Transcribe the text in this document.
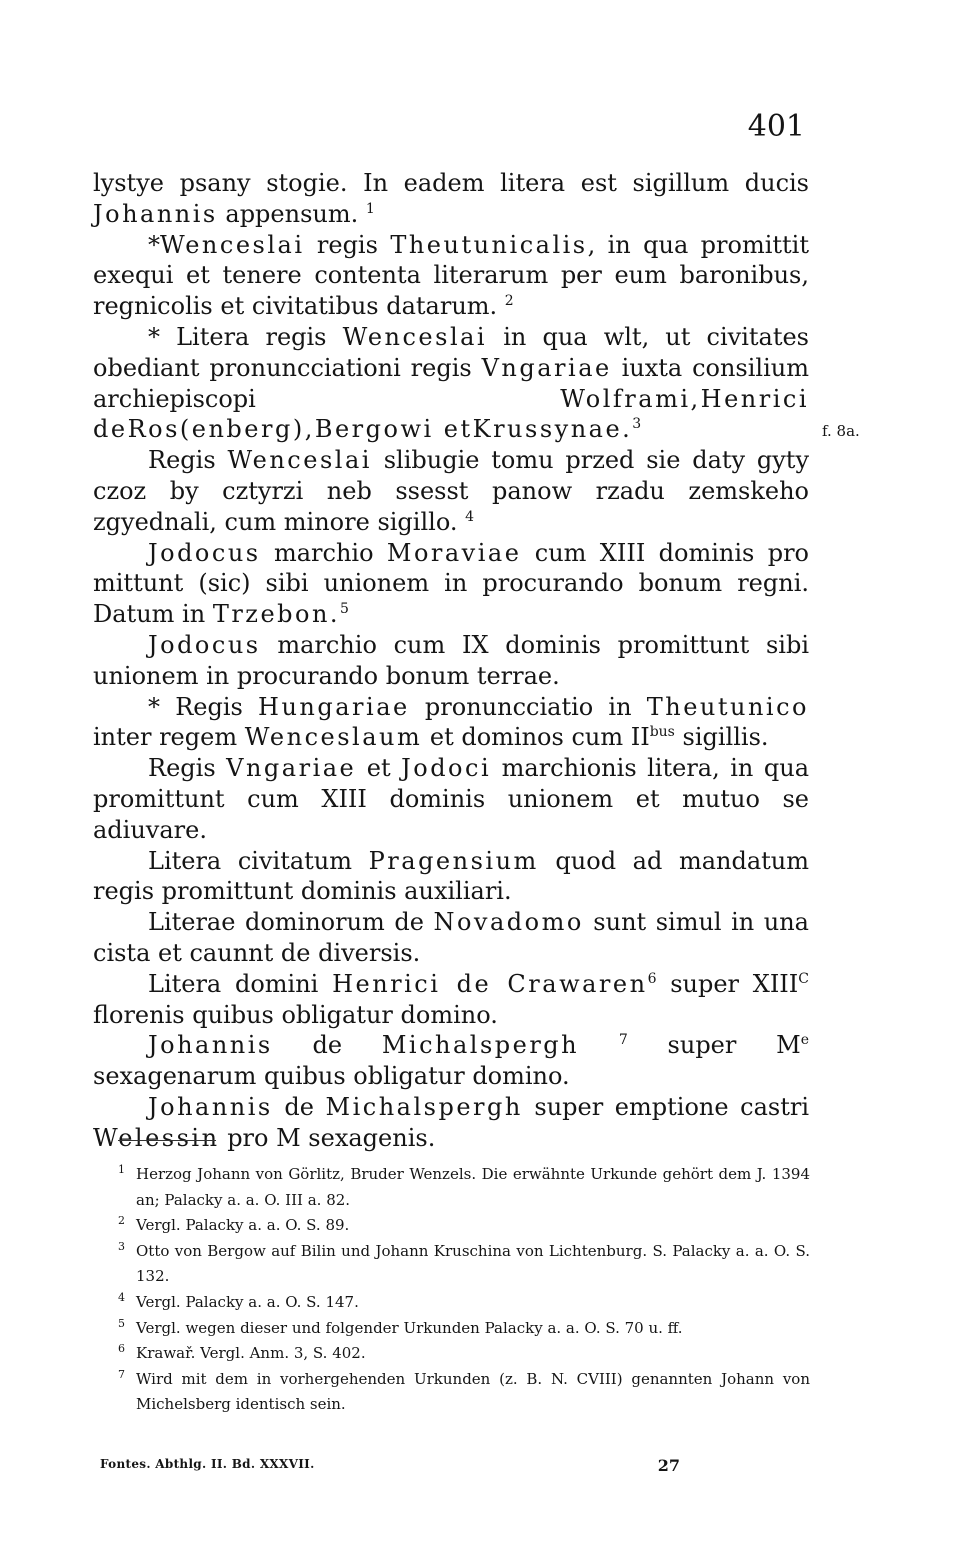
401

lystye psany stogie. In eadem litera est sigillum ducis Johannis appensum. $^1$

*Wenceslai regis Theutunicalis, in qua promittit exequi et tenere contenta literarum per eum baronibus, regnicolis et civitatibus datarum. $^2$

* Litera regis Wenceslai in qua wlt, ut civitates obediant pronuncciationi regis Vngariae iuxta consilium archiepiscopi Wolframi,Henrici deRos(enberg),Bergowi etKrussynae.$^3$

Regis Wenceslai slibugie tomu przed sie daty gyty czoz by cztyrzi neb ssesst panow rzadu zemskeho zgyednali, cum minore sigillo. $^4$

Jodocus marchio Moraviae cum XIII dominis pro mittunt (sic) sibi unionem in procurando bonum regni. Datum in Trzebon.$^5$

Jodocus marchio cum IX dominis promittunt sibi unionem in procurando bonum terrae.

* Regis Hungariae pronuncciatio in Theutunico inter regem Wenceslaum et dominos cum $II^{bus}$ sigillis.

Regis Vngariae et Jodoci marchionis litera, in qua promittunt cum XIII dominis unionem et mutuo se adiuvare.

Litera civitatum Pragensium quod ad mandatum regis promittunt dominis auxiliari.

Literae dominorum de Novadomo sunt simul in una cista et caunnt de diversis.

Litera domini Henrici de Crawaren$^6$ super $XIII^C$ florenis quibus obligatur domino.

Johannis de Michalspergh	$^7$ super Me sexagenarum quibus obligatur domino.

Johannis de Michalspergh super emptione castri Welessin pro M sexagenis.

f. 8a.

1 Herzog Johann von Görlitz, Bruder Wenzels. Die erwähnte Urkunde gehört dem J. 1394 an; Palacky a. a. O. III a. 82.

2 Vergl. Palacky a. a. O. S. 89.

3 Otto von Bergow auf Bilin und Johann Kruschina von Lichtenburg. S. Palacky a. a. O. S. 132.

4 Vergl. Palacky a. a. O. S. 147.

5 Vergl. wegen dieser und folgender Urkunden Palacky a. a. O. S. 70 u. ff.

6 Krawař. Vergl. Anm. 3, S. 402.

7 Wird mit dem in vorhergehenden Urkunden (z. B. N. CVIII) genannten Johann von Michelsberg identisch sein.

Fontes. Abthlg. II. Bd. XXXVII.	27
